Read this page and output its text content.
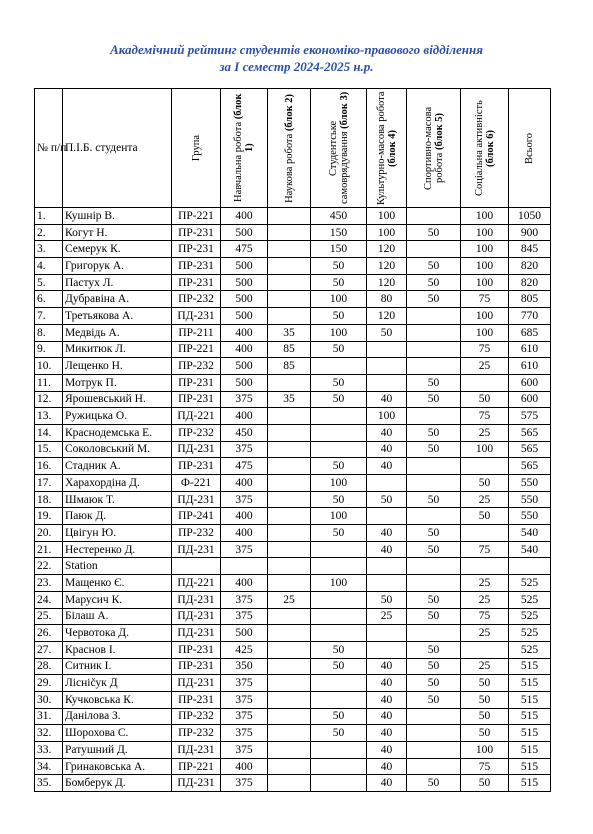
Академічний рейтинг студентів економіко-правового відділення
за І семестр 2024-2025 н.р.
№ п/п	П.І.Б. студента	Група	Навчальна робота (блок 1)	Наукова робота (блок 2)	Студентське самоврядування (блок 3)	Культурно-масова робота (блок 4)	Спортивно-масова робота (блок 5)	Соціальна активність (блок 6)	Всього

1.	Кушнір В.	ПР-221	400		450	100		100	1050
2.	Когут Н.	ПР-231	500		150	100	50	100	900
3.	Семерук К.	ПР-231	475		150	120		100	845
4.	Григорук А.	ПР-231	500		50	120	50	100	820
5.	Пастух Л.	ПР-231	500		50	120	50	100	820
6.	Дубравіна А.	ПР-232	500		100	80	50	75	805
7.	Третьякова А.	ПД-231	500		50	120		100	770
8.	Медвідь А.	ПР-211	400	35	100	50		100	685
9.	Микитюк Л.	ПР-221	400	85	50			75	610
10.	Лещенко Н.	ПР-232	500	85				25	610
11.	Мотрук П.	ПР-231	500		50		50		600
12.	Ярошевський Н.	ПР-231	375	35	50	40	50	50	600
13.	Ружицька О.	ПД-221	400			100		75	575
14.	Краснодемська Е.	ПР-232	450			40	50	25	565
15.	Соколовський М.	ПД-231	375			40	50	100	565
16.	Стадник А.	ПР-231	475		50	40			565
17.	Харахордіна Д.	Ф-221	400		100			50	550
18.	Шмаюк Т.	ПД-231	375		50	50	50	25	550
19.	Паюк Д.	ПР-241	400		100			50	550
20.	Цвігун Ю.	ПР-232	400		50	40	50		540
21.	Нестеренко Д.	ПД-231	375			40	50	75	540
22.	Station								
23.	Мащенко Є.	ПД-221	400		100			25	525
24.	Марусич К.	ПД-231	375	25		50	50	25	525
25.	Білаш А.	ПД-231	375			25	50	75	525
26.	Червотока Д.	ПД-231	500					25	525
27.	Краснов І.	ПР-231	425		50		50		525
28.	Ситник І.	ПР-231	350		50	40	50	25	515
29.	Лісніčук Д	ПД-231	375			40	50	50	515
30.	Кучковська К.	ПР-231	375			40	50	50	515
31.	Данілова З.	ПР-232	375		50	40		50	515
32.	Шорохова С.	ПР-232	375		50	40		50	515
33.	Ратушний Д.	ПД-231	375			40		100	515
34.	Гринаковська А.	ПР-221	400			40		75	515
35.	Бомберук Д.	ПД-231	375			40	50	50	515
